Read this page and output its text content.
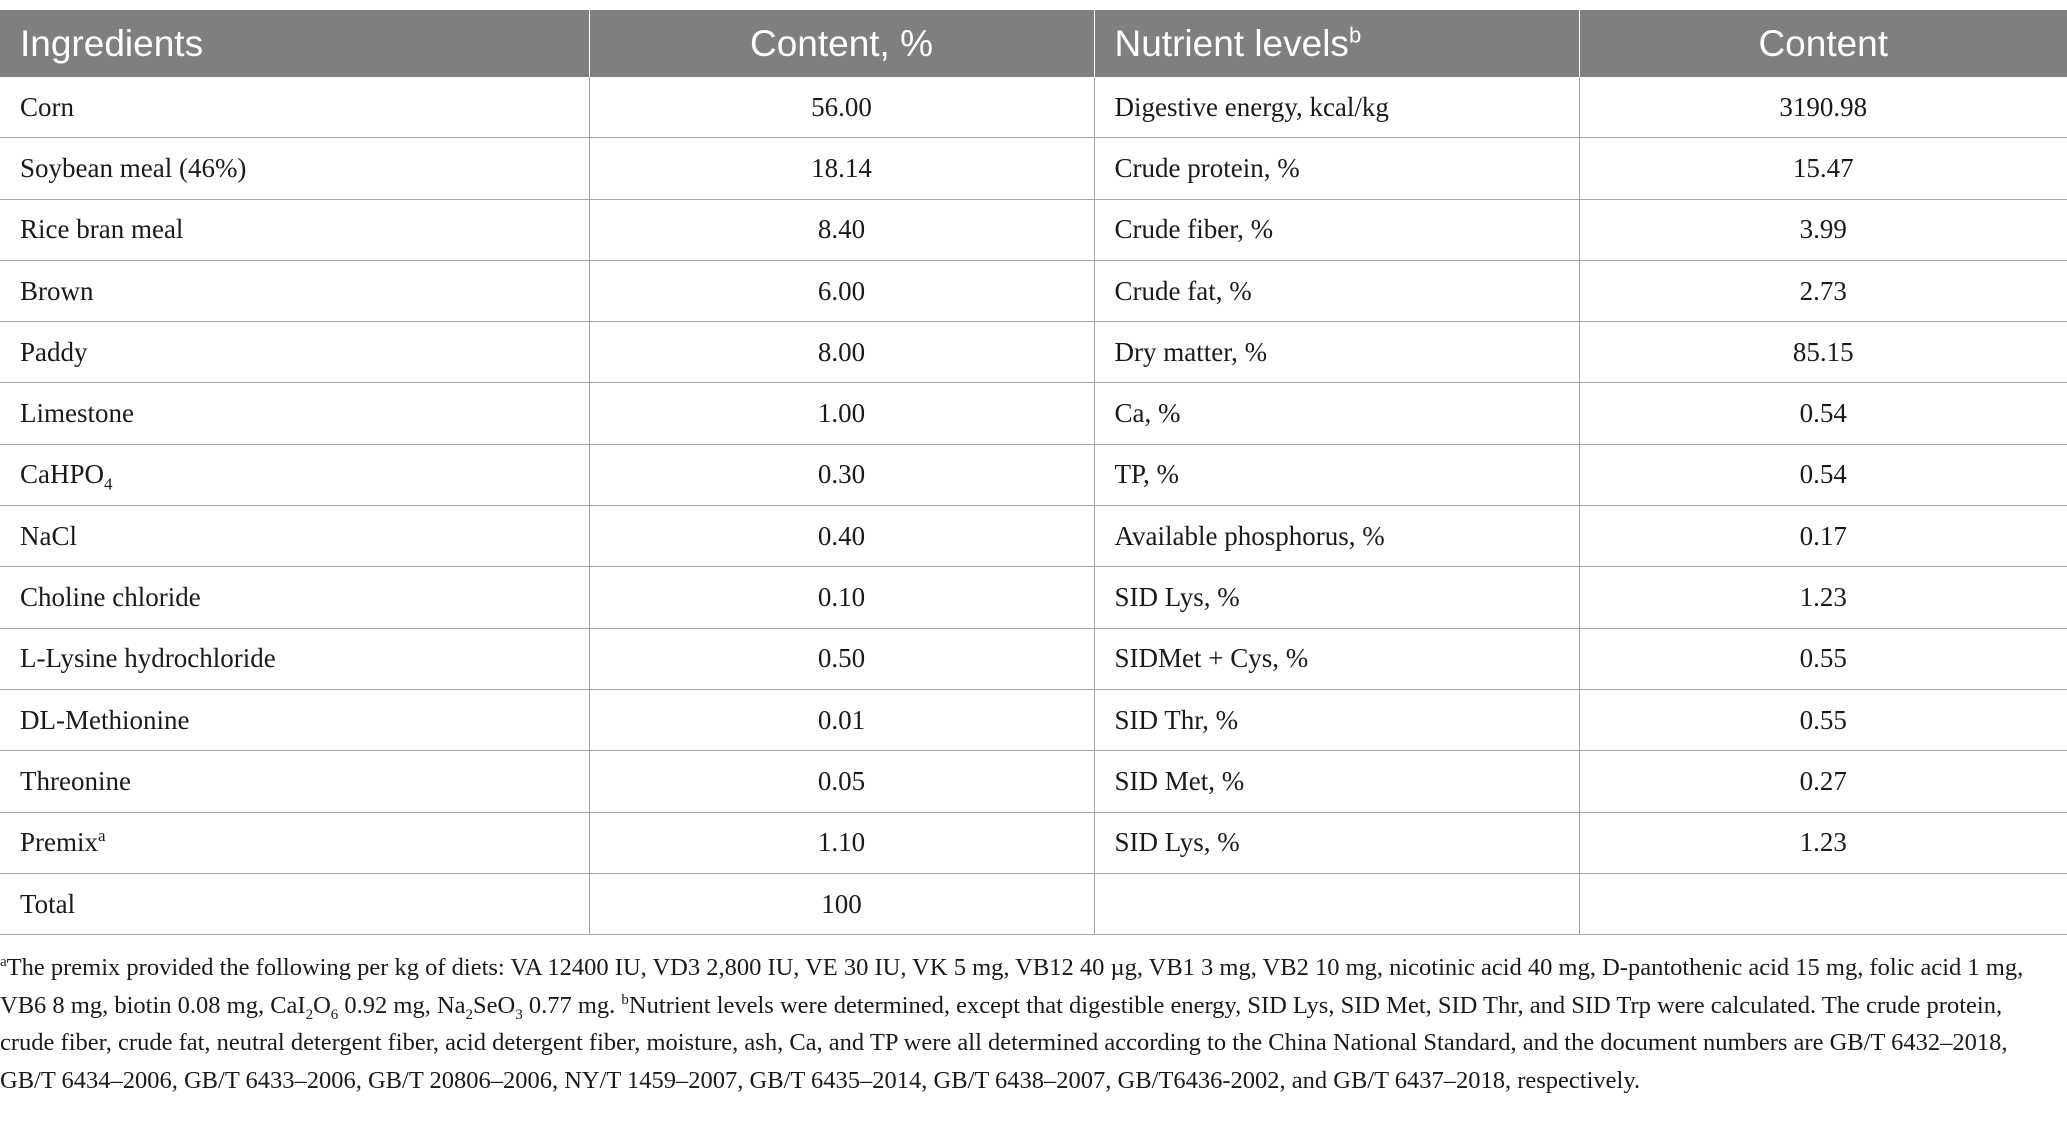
Ingredients	Content, %	Nutrient levels$^b$	Content
Corn	56.00	Digestive energy, kcal/kg	3190.98
Soybean meal (46%)	18.14	Crude protein, %	15.47
Rice bran meal	8.40	Crude fiber, %	3.99
Brown	6.00	Crude fat, %	2.73
Paddy	8.00	Dry matter, %	85.15
Limestone	1.00	Ca, %	0.54
CaHPO$_4$	0.30	TP, %	0.54
NaCl	0.40	Available phosphorus, %	0.17
Choline chloride	0.10	SID Lys, %	1.23
L-Lysine hydrochloride	0.50	SIDMet + Cys, %	0.55
DL-Methionine	0.01	SID Thr, %	0.55
Threonine	0.05	SID Met, %	0.27
Premix$^a$	1.10	SID Lys, %	1.23
Total	100		

$^a$The premix provided the following per kg of diets: VA 12400 IU, VD3 2,800 IU, VE 30 IU, VK 5 mg, VB12 40 µg, VB1 3 mg, VB2 10 mg, nicotinic acid 40 mg, D-pantothenic acid 15 mg, folic acid 1 mg, VB6 8 mg, biotin 0.08 mg, $CaI_2O_6$ 0.92 mg, $Na_2SeO_3$ 0.77 mg. $^b$Nutrient levels were determined, except that digestible energy, SID Lys, SID Met, SID Thr, and SID Trp were calculated. The crude protein, crude fiber, crude fat, neutral detergent fiber, acid detergent fiber, moisture, ash, Ca, and TP were all determined according to the China National Standard, and the document numbers are GB/T 6432–2018, GB/T 6434–2006, GB/T 6433–2006, GB/T 20806–2006, NY/T 1459–2007, GB/T 6435–2014, GB/T 6438–2007, GB/T6436-2002, and GB/T 6437–2018, respectively.
